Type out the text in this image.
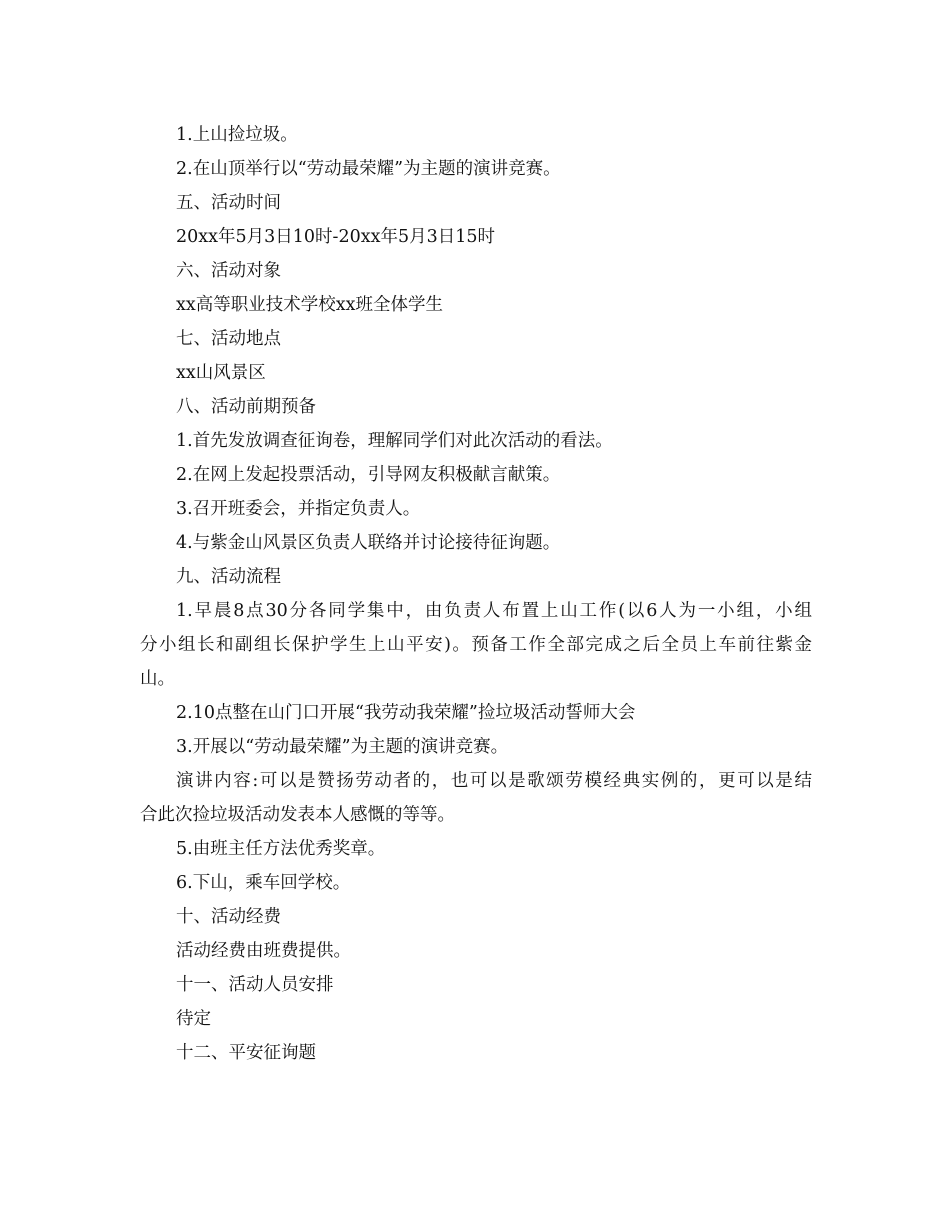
1.上山捡垃圾。
2.在山顶举行以“劳动最荣耀”为主题的演讲竞赛。
五、活动时间
20xx年5月3日10时-20xx年5月3日15时
六、活动对象
xx高等职业技术学校xx班全体学生
七、活动地点
xx山风景区
八、活动前期预备
1.首先发放调查征询卷，理解同学们对此次活动的看法。
2.在网上发起投票活动，引导网友积极献言献策。
3.召开班委会，并指定负责人。
4.与紫金山风景区负责人联络并讨论接待征询题。
九、活动流程
1.早晨8点30分各同学集中，由负责人布置上山工作(以6人为一小组，小组
分小组长和副组长保护学生上山平安)。预备工作全部完成之后全员上车前往紫金
山。
2.10点整在山门口开展“我劳动我荣耀”捡垃圾活动誓师大会
3.开展以“劳动最荣耀”为主题的演讲竞赛。
演讲内容:可以是赞扬劳动者的，也可以是歌颂劳模经典实例的，更可以是结
合此次捡垃圾活动发表本人感慨的等等。
5.由班主任方法优秀奖章。
6.下山，乘车回学校。
十、活动经费
活动经费由班费提供。
十一、活动人员安排
待定
十二、平安征询题
